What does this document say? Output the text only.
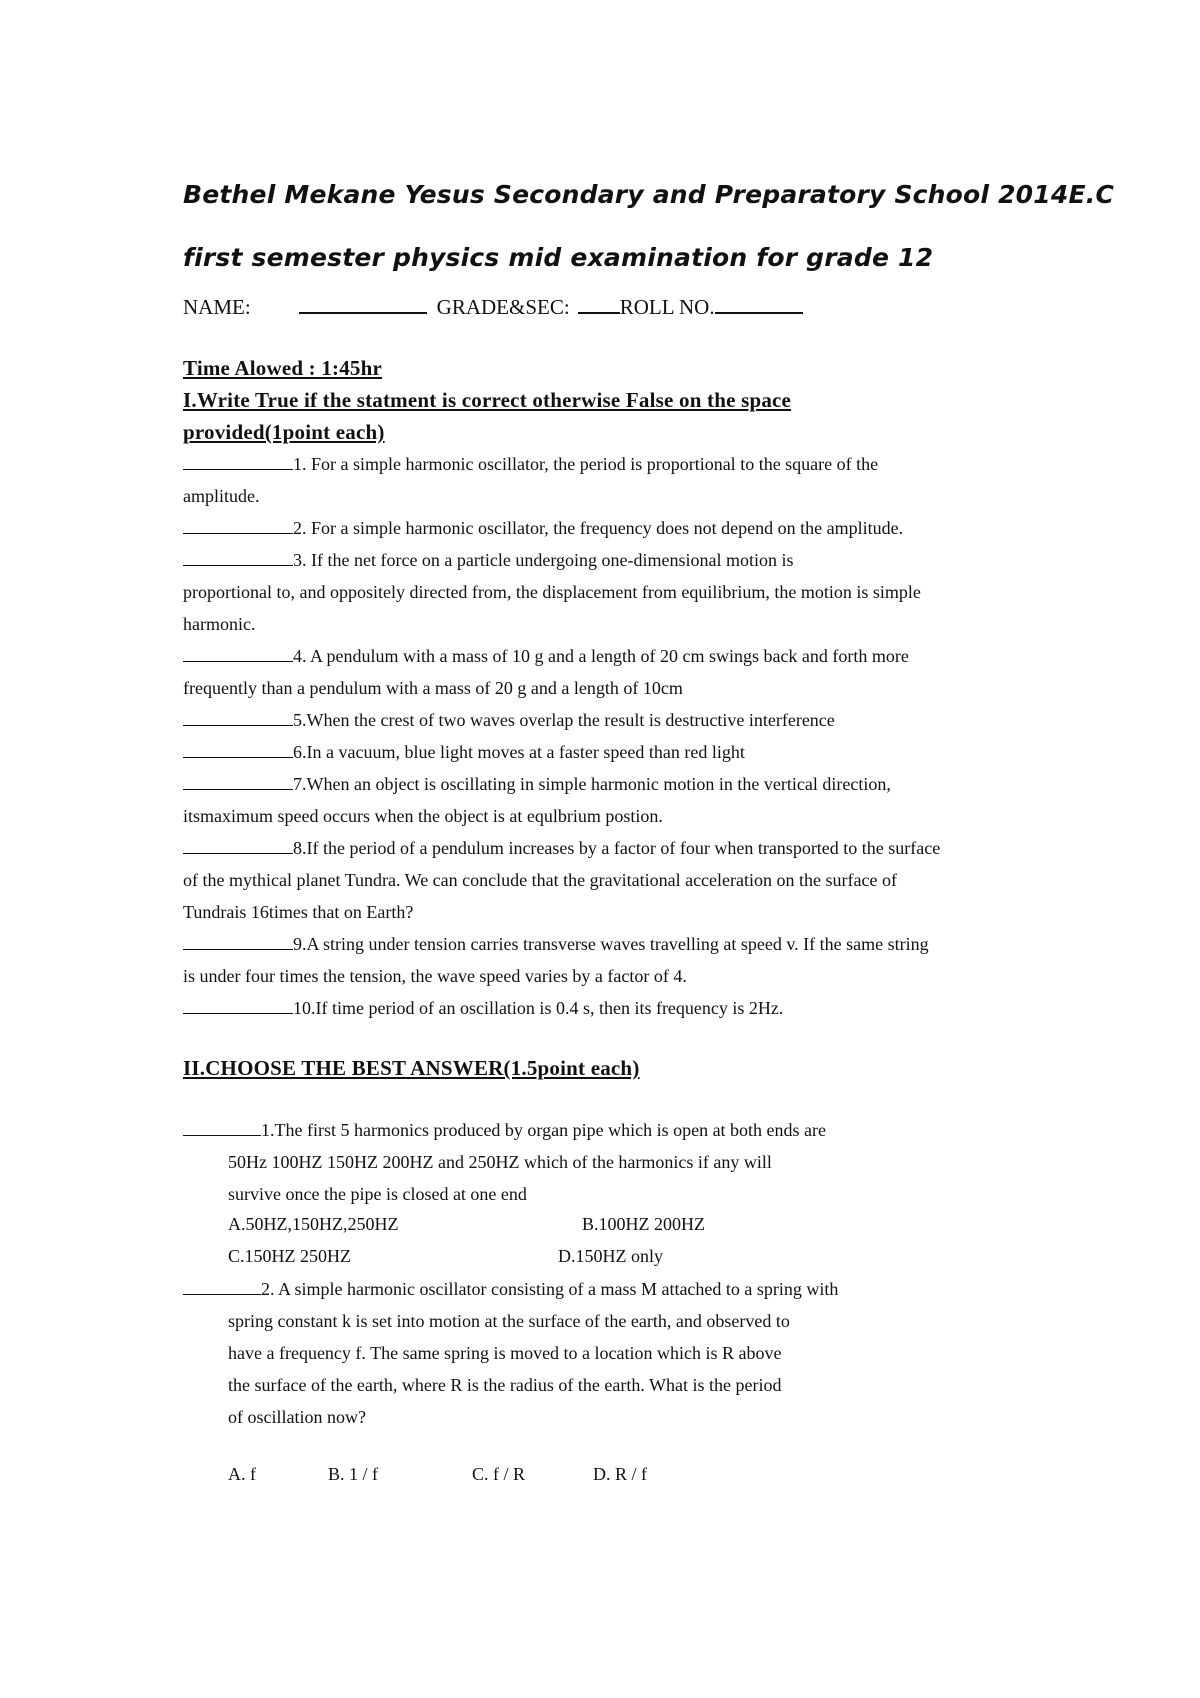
Bethel Mekane Yesus Secondary and Preparatory School 2014E.C
first semester physics mid examination for grade 12
NAME:	GRADE&SEC: ROLL NO.
Time Alowed : 1:45hr
I.Write True if the statment is correct otherwise False on the space
provided(1point each)
1. For a simple harmonic oscillator, the period is proportional to the square of the
amplitude.
2. For a simple harmonic oscillator, the frequency does not depend on the amplitude.
3. If the net force on a particle undergoing one-dimensional motion is
proportional to, and oppositely directed from, the displacement from equilibrium, the motion is simple
harmonic.
4. A pendulum with a mass of 10 g and a length of 20 cm swings back and forth more
frequently than a pendulum with a mass of 20 g and a length of 10cm
5.When the crest of two waves overlap the result is destructive interference
6.In a vacuum, blue light moves at a faster speed than red light
7.When an object is oscillating in simple harmonic motion in the vertical direction,
itsmaximum speed occurs when the object is at equlbrium postion.
8.If the period of a pendulum increases by a factor of four when transported to the surface
of the mythical planet Tundra. We can conclude that the gravitational acceleration on the surface of
Tundrais 16times that on Earth?
9.A string under tension carries transverse waves travelling at speed v. If the same string
is under four times the tension, the wave speed varies by a factor of 4.
10.If time period of an oscillation is 0.4 s, then its frequency is 2Hz.
II.CHOOSE THE BEST ANSWER(1.5point each)
1.The first 5 harmonics produced by organ pipe which is open at both ends are
50Hz 100HZ 150HZ 200HZ and 250HZ which of the harmonics if any will
survive once the pipe is closed at one end
A.50HZ,150HZ,250HZ	B.100HZ 200HZ
C.150HZ 250HZ	D.150HZ only
2. A simple harmonic oscillator consisting of a mass M attached to a spring with
spring constant k is set into motion at the surface of the earth, and observed to
have a frequency f. The same spring is moved to a location which is R above
the surface of the earth, where R is the radius of the earth. What is the period
of oscillation now?
A. f	B. 1 / f	C. f / R	D. R / f
